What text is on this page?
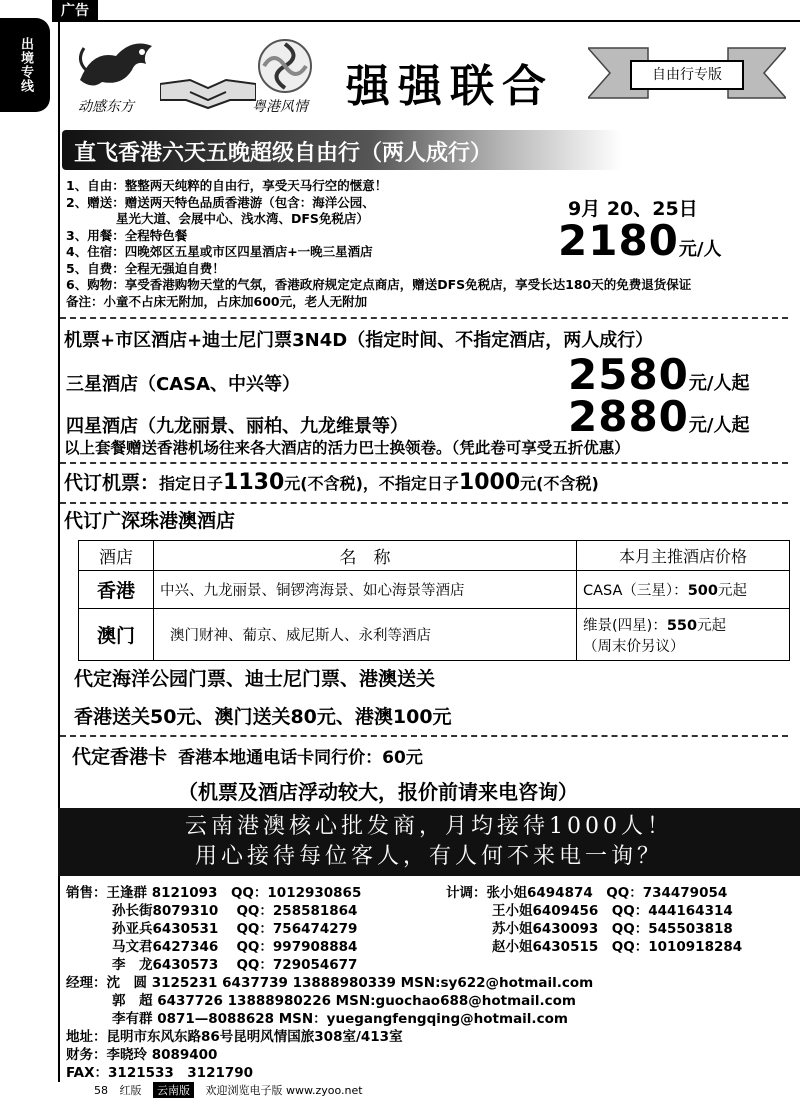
广告
出境专线
动感东方	粤港风情 强强联合	自由行专版
直飞香港六天五晚超级自由行（两人成行）
1、自由：整整两天纯粹的自由行，享受天马行空的惬意！
2、赠送：赠送两天特色品质香港游（包含：海洋公园、
　　　　星光大道、会展中心、浅水湾、DFS免税店）
3、用餐：全程特色餐
4、住宿：四晚郊区五星或市区四星酒店+一晚三星酒店
5、自费：全程无强迫自费！
6、购物：享受香港购物天堂的气氛，香港政府规定定点商店，赠送DFS免税店，享受长达180天的免费退货保证
备注：小童不占床无附加，占床加600元，老人无附加
9月 20、25日
2180元/人
机票+市区酒店+迪士尼门票3N4D（指定时间、不指定酒店，两人成行）
三星酒店（CASA、中兴等）	2580元/人起
四星酒店（九龙丽景、丽柏、九龙维景等）	2880元/人起
以上套餐赠送香港机场往来各大酒店的活力巴士换领卷。（凭此卷可享受五折优惠）
代订机票：指定日子1130元(不含税)，不指定日子1000元(不含税)
代订广深珠港澳酒店
酒店	名　称	本月主推酒店价格
香港	中兴、九龙丽景、铜锣湾海景、如心海景等酒店	CASA（三星）：500元起
澳门	澳门财神、葡京、威尼斯人、永利等酒店	维景(四星)：550元起
（周末价另议）
代定海洋公园门票、迪士尼门票、港澳送关
香港送关50元、澳门送关80元、港澳100元
代定香港卡 香港本地通电话卡同行价：60元
（机票及酒店浮动较大，报价前请来电咨询）
云南港澳核心批发商，月均接待1000人！
用心接待每位客人，有人何不来电一询？
销售：王逢群 8121093　QQ：1012930865
孙长街8079310　 QQ：258581864
孙亚兵6430531　 QQ：756474279
马文君6427346　 QQ：997908884
李　龙6430573　 QQ：729054677
计调：张小姐6494874　QQ：734479054
王小姐6409456　QQ：444164314
苏小姐6430093　QQ：545503818
赵小姐6430515　QQ：1010918284
经理：沈　圆 3125231 6437739 13888980339 MSN:sy622@hotmail.com
郭　超 6437726 13888980226 MSN:guochao688@hotmail.com
李有群 0871—8088628 MSN：yuegangfengqing@hotmail.com
地址：昆明市东风东路86号昆明风情国旅308室/413室
财务：李晓玲 8089400
FAX：3121533　3121790
58 红版 云南版 欢迎浏览电子版 www.zyoo.net
